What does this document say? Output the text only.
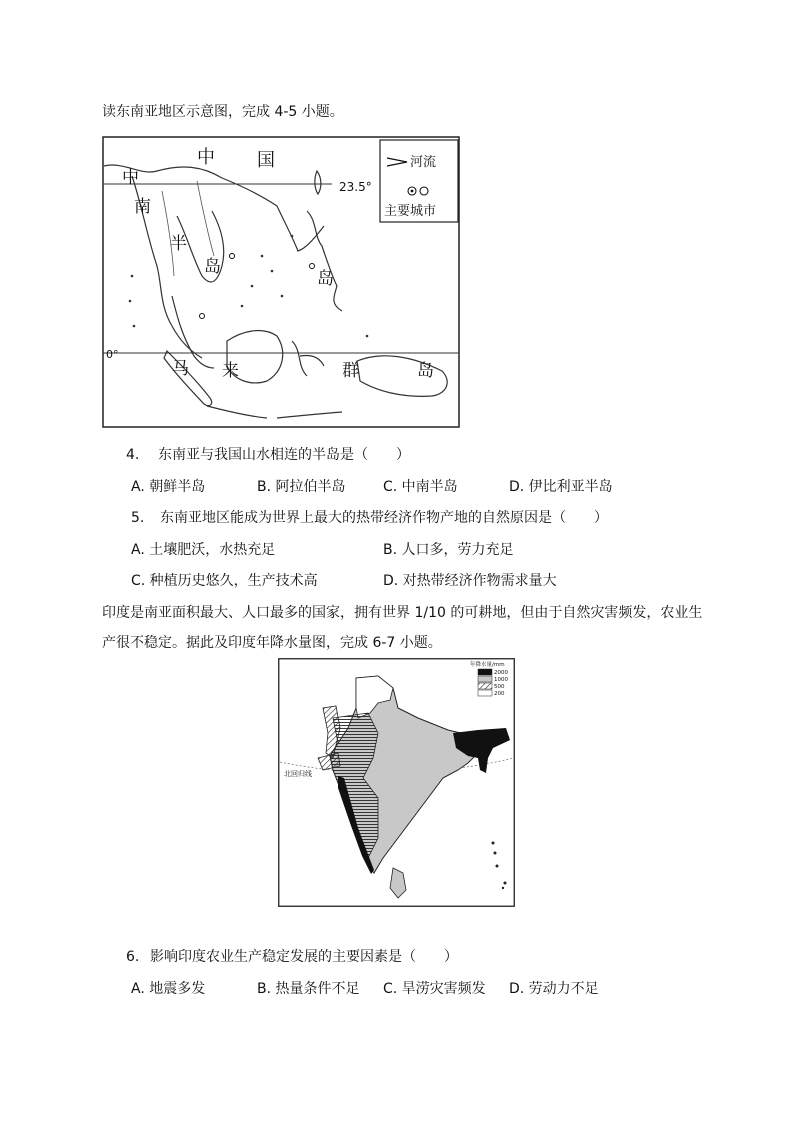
读东南亚地区示意图，完成 4-5 小题。
中 国
23.5°
0°
中
南
半
岛
岛
马 来	群	岛
河流
主要城市
4. 东南亚与我国山水相连的半岛是（　　）
A. 朝鲜半岛	B. 阿拉伯半岛	C. 中南半岛	D. 伊比利亚半岛
5. 东南亚地区能成为世界上最大的热带经济作物产地的自然原因是（　　）
A. 土壤肥沃，水热充足	B. 人口多，劳力充足
C. 种植历史悠久，生产技术高	D. 对热带经济作物需求量大
印度是南亚面积最大、人口最多的国家，拥有世界 1/10 的可耕地，但由于自然灾害频发，农业生
产很不稳定。据此及印度年降水量图，完成 6-7 小题。
北回归线
年降水量/mm
2000
1000
500
200
6. 影响印度农业生产稳定发展的主要因素是（　　）
A. 地震多发	B. 热量条件不足 C. 旱涝灾害频发 D. 劳动力不足
